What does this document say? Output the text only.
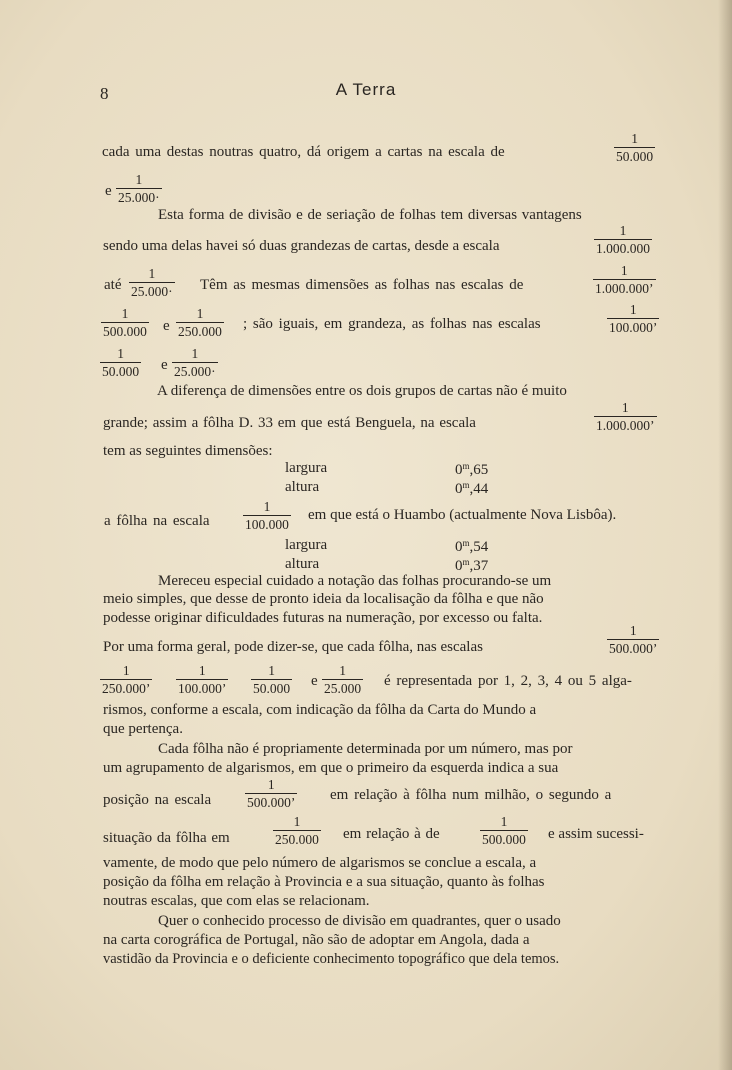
8	A Terra
cada uma destas noutras quatro, dá origem a cartas na escala de
1
50.000
e
1
25.000·
Esta forma de divisão e de seriação de folhas tem diversas vantagens
sendo uma delas havei só duas grandezas de cartas, desde a escala
1
1.000.000
até
1
25.000· Têm as mesmas dimensões as folhas nas escalas de
1
1.000.000’
1
500.000 e
1
250.000 ; são iguais, em grandeza, as folhas nas escalas
1
100.000’
1
50.000 e
1
25.000·
A diferença de dimensões entre os dois grupos de cartas não é muito
grande; assim a fôlha D. 33 em que está Benguela, na escala
1
1.000.000’
tem as seguintes dimensões:
largura	0$^m$,65
altura	0$^m$,44
a fôlha na escala
1
100.000
em que está o Huambo (actualmente Nova Lisbôa).
largura	0$^m$,54
altura	0$^m$,37
Mereceu especial cuidado a notação das folhas procurando-se um
meio simples, que desse de pronto ideia da localisação da fôlha e que não
podesse originar dificuldades futuras na numeração, por excesso ou falta.
Por uma forma geral, pode dizer-se, que cada fôlha, nas escalas
1
500.000’
1
250.000’
1
100.000’
1
50.000 e
1
25.000 é representada por 1, 2, 3, 4 ou 5 alga-
rismos, conforme a escala, com indicação da fôlha da Carta do Mundo a
que pertença.
Cada fôlha não é propriamente determinada por um número, mas por
um agrupamento de algarismos, em que o primeiro da esquerda indica a sua
posição na escala
1
500.000’ em relação à fôlha num milhão, o segundo a
situação da fôlha em
1
250.000 em relação à de
1
500.000 e assim sucessi-
vamente, de modo que pelo número de algarismos se conclue a escala, a
posição da fôlha em relação à Provincia e a sua situação, quanto às folhas
noutras escalas, que com elas se relacionam.
Quer o conhecido processo de divisão em quadrantes, quer o usado
na carta corográfica de Portugal, não são de adoptar em Angola, dada a
vastidão da Provincia e o deficiente conhecimento topográfico que dela temos.
